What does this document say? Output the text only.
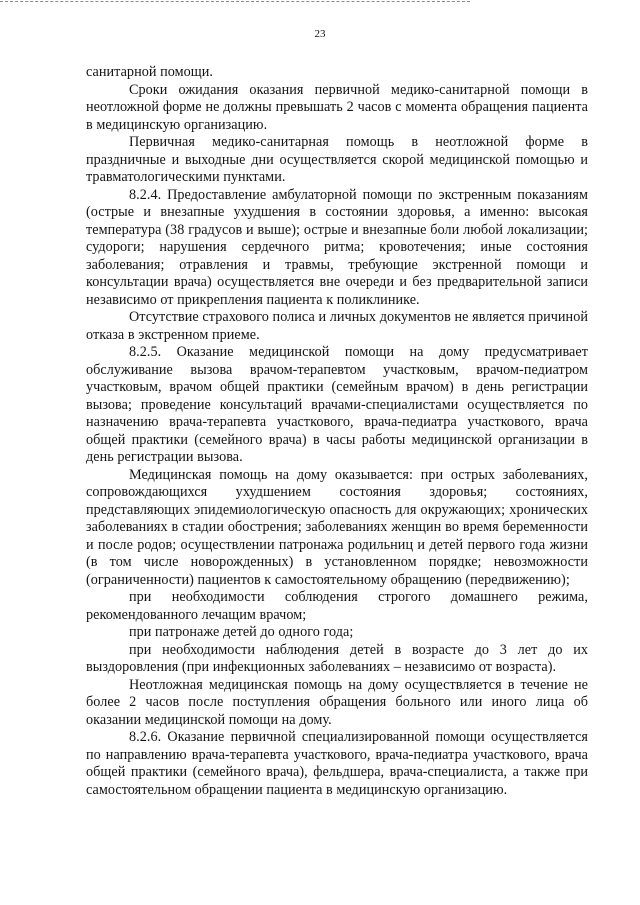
23

санитарной помощи.

Сроки ожидания оказания первичной медико-санитарной помощи в неотложной форме не должны превышать 2 часов с момента обращения пациента в медицинскую организацию.

Первичная медико-санитарная помощь в неотложной форме в праздничные и выходные дни осуществляется скорой медицинской помощью и травматологическими пунктами.

8.2.4. Предоставление амбулаторной помощи по экстренным показаниям (острые и внезапные ухудшения в состоянии здоровья, а именно: высокая температура (38 градусов и выше); острые и внезапные боли любой локализации; судороги; нарушения сердечного ритма; кровотечения; иные состояния заболевания; отравления и травмы, требующие экстренной помощи и консультации врача) осуществляется вне очереди и без предварительной записи независимо от прикрепления пациента к поликлинике.

Отсутствие страхового полиса и личных документов не является причиной отказа в экстренном приеме.

8.2.5. Оказание медицинской помощи на дому предусматривает обслуживание вызова врачом-терапевтом участковым, врачом-педиатром участковым, врачом общей практики (семейным врачом) в день регистрации вызова; проведение консультаций врачами-специалистами осуществляется по назначению врача-терапевта участкового, врача-педиатра участкового, врача общей практики (семейного врача) в часы работы медицинской организации в день регистрации вызова.

Медицинская помощь на дому оказывается: при острых заболеваниях, сопровождающихся ухудшением состояния здоровья; состояниях, представляющих эпидемиологическую опасность для окружающих; хронических заболеваниях в стадии обострения; заболеваниях женщин во время беременности и после родов; осуществлении патронажа родильниц и детей первого года жизни (в том числе новорожденных) в установленном порядке; невозможности (ограниченности) пациентов к самостоятельному обращению (передвижению);

при необходимости соблюдения строгого домашнего режима, рекомендованного лечащим врачом;

при патронаже детей до одного года;

при необходимости наблюдения детей в возрасте до 3 лет до их выздоровления (при инфекционных заболеваниях – независимо от возраста).

Неотложная медицинская помощь на дому осуществляется в течение не более 2 часов после поступления обращения больного или иного лица об оказании медицинской помощи на дому.

8.2.6. Оказание первичной специализированной помощи осуществляется по направлению врача-терапевта участкового, врача-педиатра участкового, врача общей практики (семейного врача), фельдшера, врача-специалиста, а также при самостоятельном обращении пациента в медицинскую организацию.
